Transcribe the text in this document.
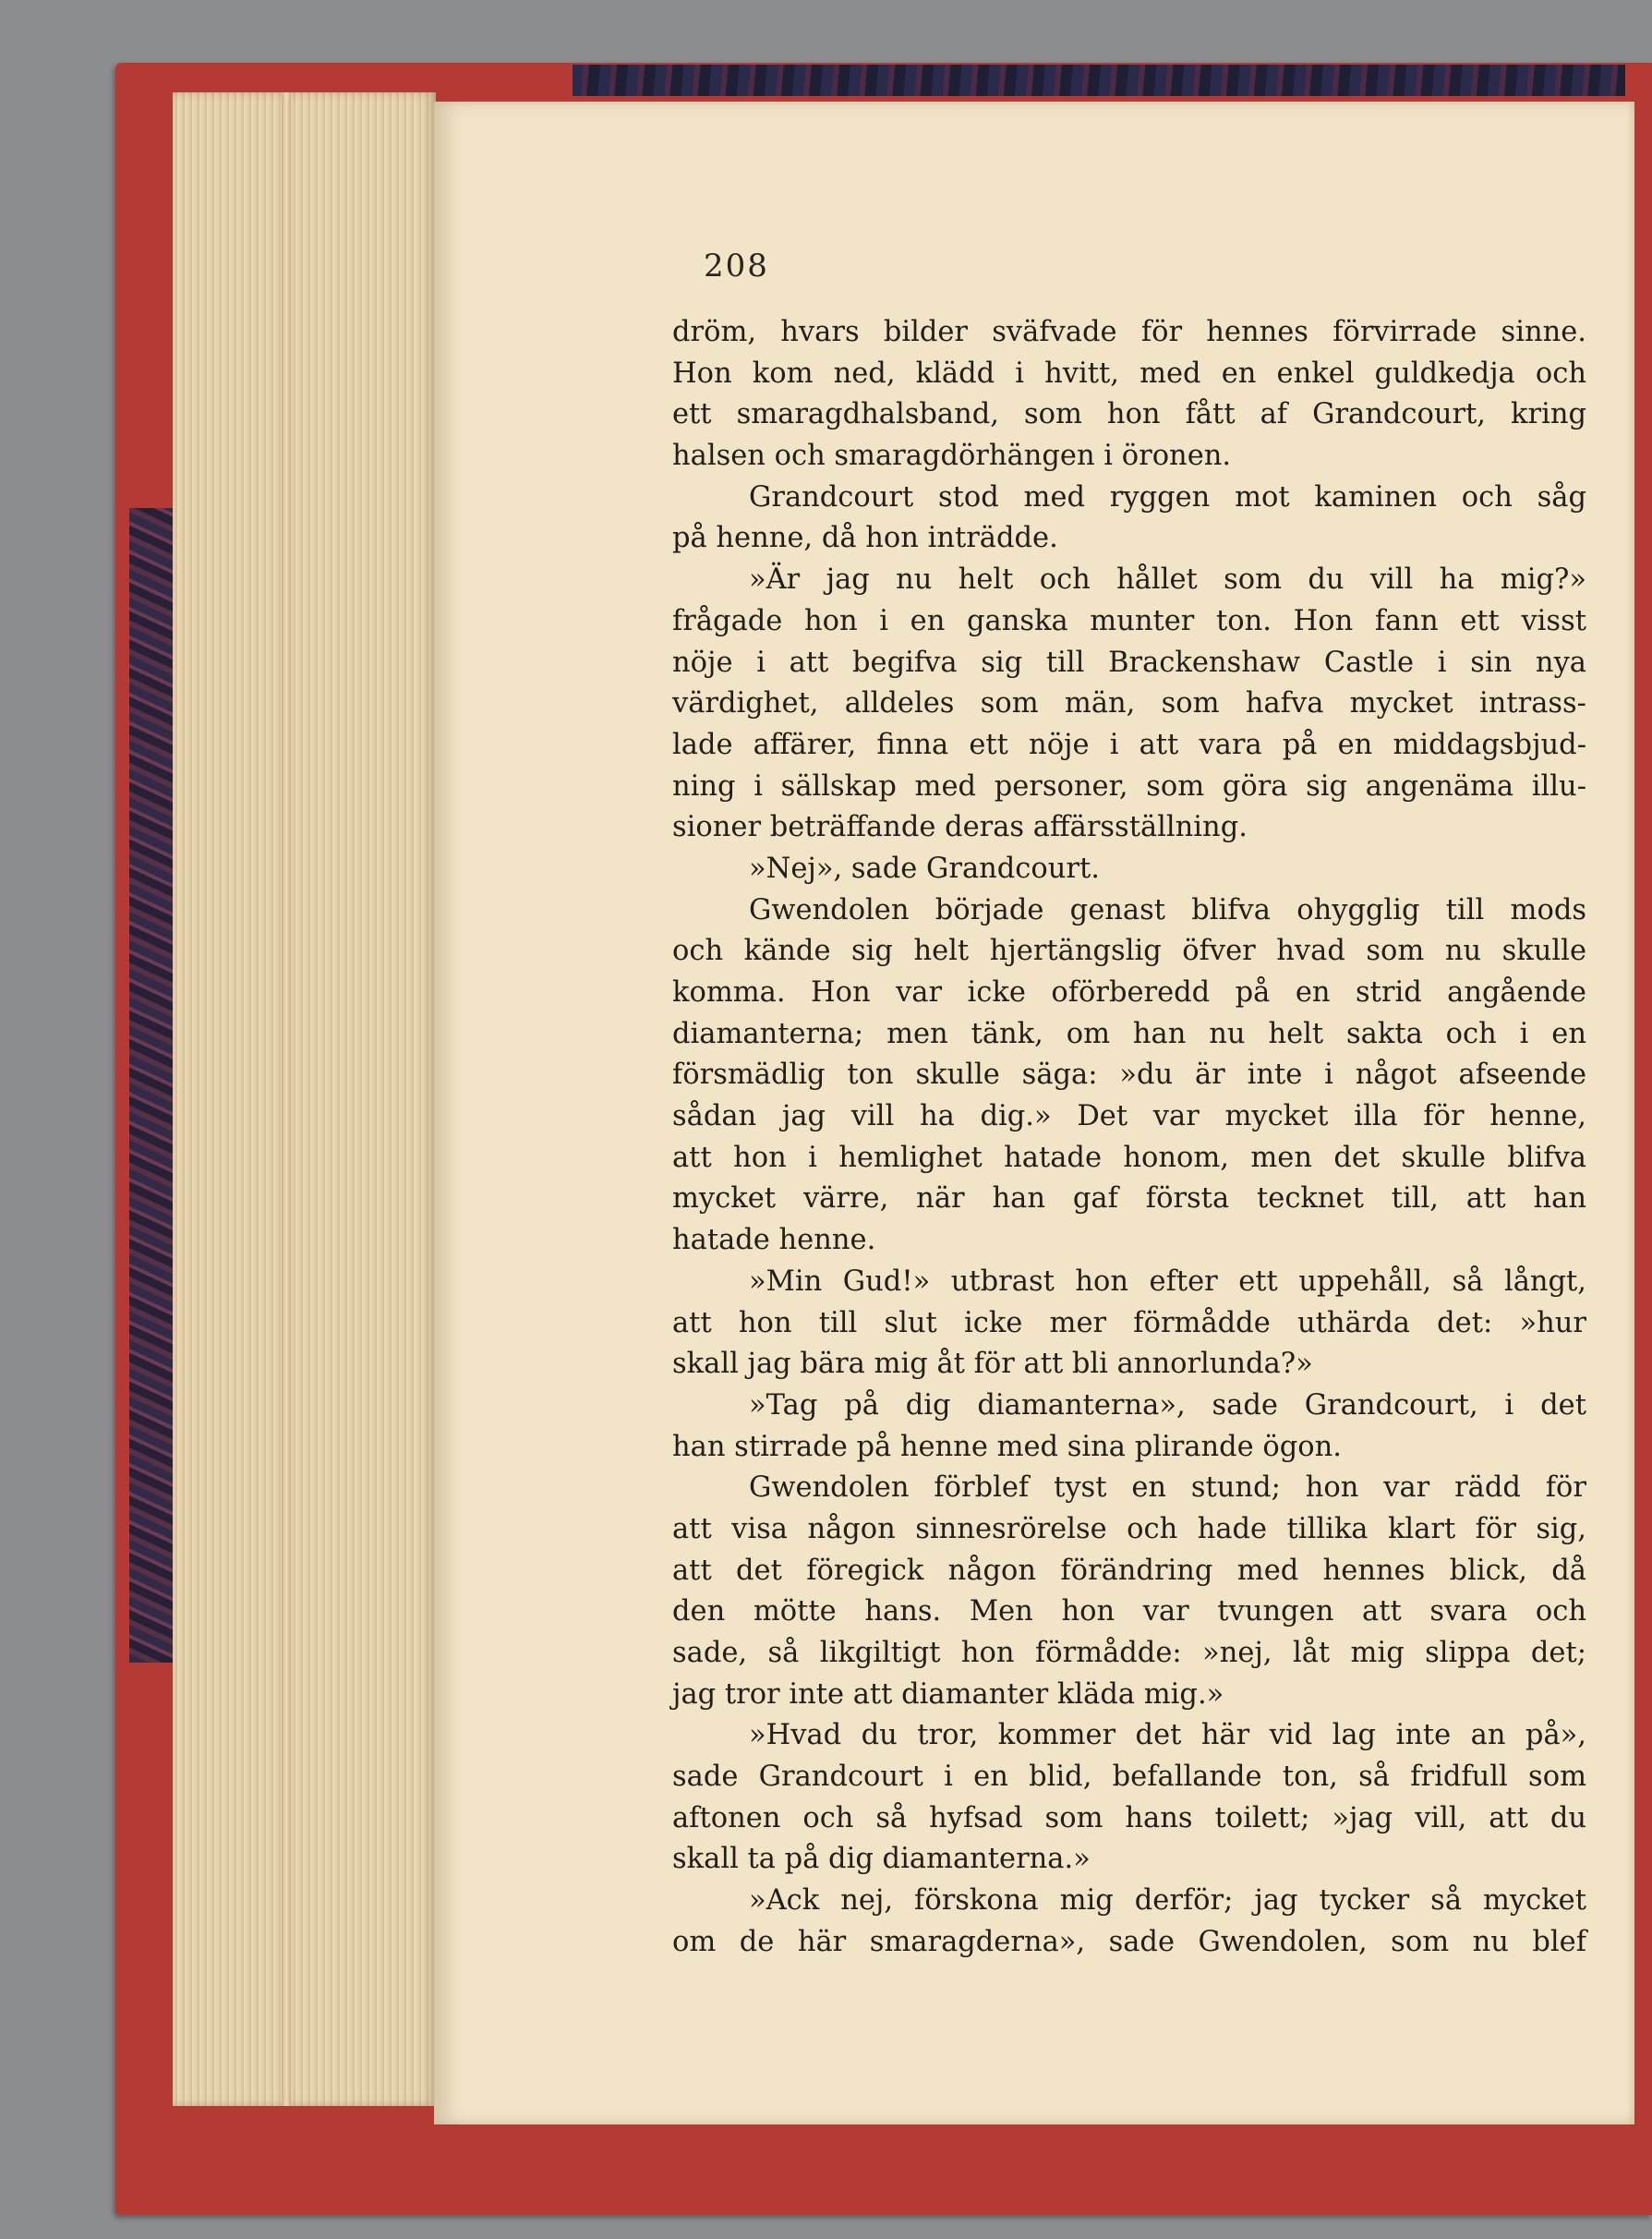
208
dröm, hvars bilder sväfvade för hennes förvirrade sinne.
Hon kom ned, klädd i hvitt, med en enkel guldkedja och
ett smaragdhalsband, som hon fått af Grandcourt, kring
halsen och smaragdörhängen i öronen.
Grandcourt stod med ryggen mot kaminen och såg
på henne, då hon inträdde.
»Är jag nu helt och hållet som du vill ha mig?»
frågade hon i en ganska munter ton. Hon fann ett visst
nöje i att begifva sig till Brackenshaw Castle i sin nya
värdighet, alldeles som män, som hafva mycket intrass-
lade affärer, finna ett nöje i att vara på en middagsbjud-
ning i sällskap med personer, som göra sig angenäma illu-
sioner beträffande deras affärsställning.
»Nej», sade Grandcourt.
Gwendolen började genast blifva ohygglig till mods
och kände sig helt hjertängslig öfver hvad som nu skulle
komma. Hon var icke oförberedd på en strid angående
diamanterna; men tänk, om han nu helt sakta och i en
försmädlig ton skulle säga: »du är inte i något afseende
sådan jag vill ha dig.» Det var mycket illa för henne,
att hon i hemlighet hatade honom, men det skulle blifva
mycket värre, när han gaf första tecknet till, att han
hatade henne.
»Min Gud!» utbrast hon efter ett uppehåll, så långt,
att hon till slut icke mer förmådde uthärda det: »hur
skall jag bära mig åt för att bli annorlunda?»
»Tag på dig diamanterna», sade Grandcourt, i det
han stirrade på henne med sina plirande ögon.
Gwendolen förblef tyst en stund; hon var rädd för
att visa någon sinnesrörelse och hade tillika klart för sig,
att det föregick någon förändring med hennes blick, då
den mötte hans. Men hon var tvungen att svara och
sade, så likgiltigt hon förmådde: »nej, låt mig slippa det;
jag tror inte att diamanter kläda mig.»
»Hvad du tror, kommer det här vid lag inte an på»,
sade Grandcourt i en blid, befallande ton, så fridfull som
aftonen och så hyfsad som hans toilett; »jag vill, att du
skall ta på dig diamanterna.»
»Ack nej, förskona mig derför; jag tycker så mycket
om de här smaragderna», sade Gwendolen, som nu blef
